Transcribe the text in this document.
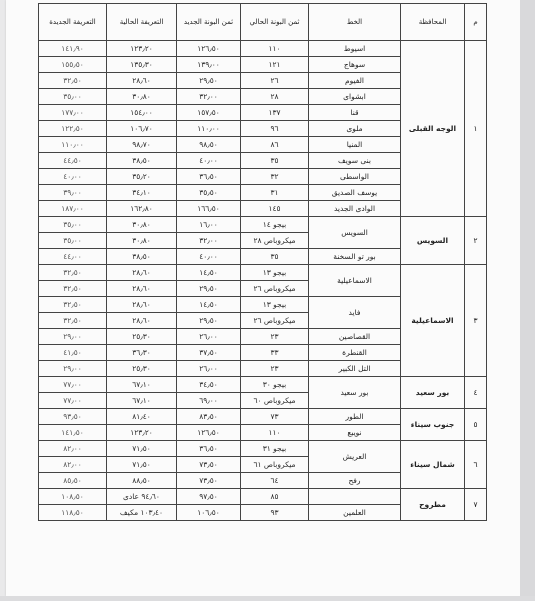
م	المحافظة	الخط	ثمن البونة الحالي	ثمن البونة الجديد	التعريفة الحالية	التعريفة الجديدة
١	الوجه القبلى	اسيوط	١١٠	١٢٦٫٥٠	١٢٣٫٢٠	١٤١٫٩٠
		سوهاج	١٢١	١٣٩٫٠٠	١٣٥٫٣٠	١٥٥٫٥٠
		الفيوم	٢٦	٢٩٫٥٠	٢٨٫٦٠	٣٢٫٥٠
		ابشواى	٢٨	٣٢٫٠٠	٣٠٫٨٠	٣٥٫٠٠
		قنا	١٣٧	١٥٧٫٥٠	١٥٤٫٠٠	١٧٧٫٠٠
		ملوى	٩٦	١١٠٫٠٠	١٠٦٫٧٠	١٢٢٫٥٠
		المنيا	٨٦	٩٨٫٥٠	٩٨٫٧٠	١١٠٫٠٠
		بنى سويف	٣٥	٤٠٫٠٠	٣٨٫٥٠	٤٤٫٥٠
		الواسطى	٣٢	٣٦٫٥٠	٣٥٫٢٠	٤٠٫٠٠
		يوسف الصديق	٣١	٣٥٫٥٠	٣٤٫١٠	٣٩٫٠٠
		الوادى الجديد	١٤٥	١٦٦٫٥٠	١٦٢٫٨٠	١٨٧٫٠٠
٢	السويس	السويس	بيجو ١٤	١٦٫٠٠	٣٠٫٨٠	٣٥٫٠٠
			ميكروباص ٢٨	٣٢٫٠٠	٣٠٫٨٠	٣٥٫٠٠
		بور تو السخنة	٣٥	٤٠٫٠٠	٣٨٫٥٠	٤٤٫٠٠
٣	الاسماعيلية	الاسماعيلية	بيجو ١٣	١٤٫٥٠	٢٨٫٦٠	٣٢٫٥٠
			ميكروباص ٢٦	٢٩٫٥٠	٢٨٫٦٠	٣٢٫٥٠
		فايد	بيجو ١٣	١٤٫٥٠	٢٨٫٦٠	٣٢٫٥٠
			ميكروباص ٢٦	٢٩٫٥٠	٢٨٫٦٠	٣٢٫٥٠
		القصاصين	٢٣	٢٦٫٠٠	٢٥٫٣٠	٢٩٫٠٠
		القنطرة	٣٣	٣٧٫٥٠	٣٦٫٣٠	٤١٫٥٠
		التل الكبير	٢٣	٢٦٫٠٠	٢٥٫٣٠	٢٩٫٠٠
٤	بور سعيد	بور سعيد	بيجو ٣٠	٣٤٫٥٠	٦٧٫١٠	٧٧٫٠٠
			ميكروباص ٦٠	٦٩٫٠٠	٦٧٫١٠	٧٧٫٠٠
٥	جنوب سيناء	الطور	٧٣	٨٣٫٥٠	٨١٫٤٠	٩٣٫٥٠
		نويبع	١١٠	١٢٦٫٥٠	١٢٣٫٢٠	١٤١٫٥٠
٦	شمال سيناء	العريش	بيجو ٣١	٣٦٫٥٠	٧١٫٥٠	٨٢٫٠٠
			ميكروباص ٦١	٧٣٫٥٠	٧١٫٥٠	٨٢٫٠٠
		رفح	٦٤	٧٣٫٥٠	٨٨٫٥٠	٨٥٫٥٠
٧	مطروح		٨٥	٩٧٫٥٠	٩٤٫٦٠ عادى	١٠٨٫٥٠
		العلمين	٩٣	١٠٦٫٥٠	١٠٣٫٤٠ مكيف	١١٨٫٥٠
